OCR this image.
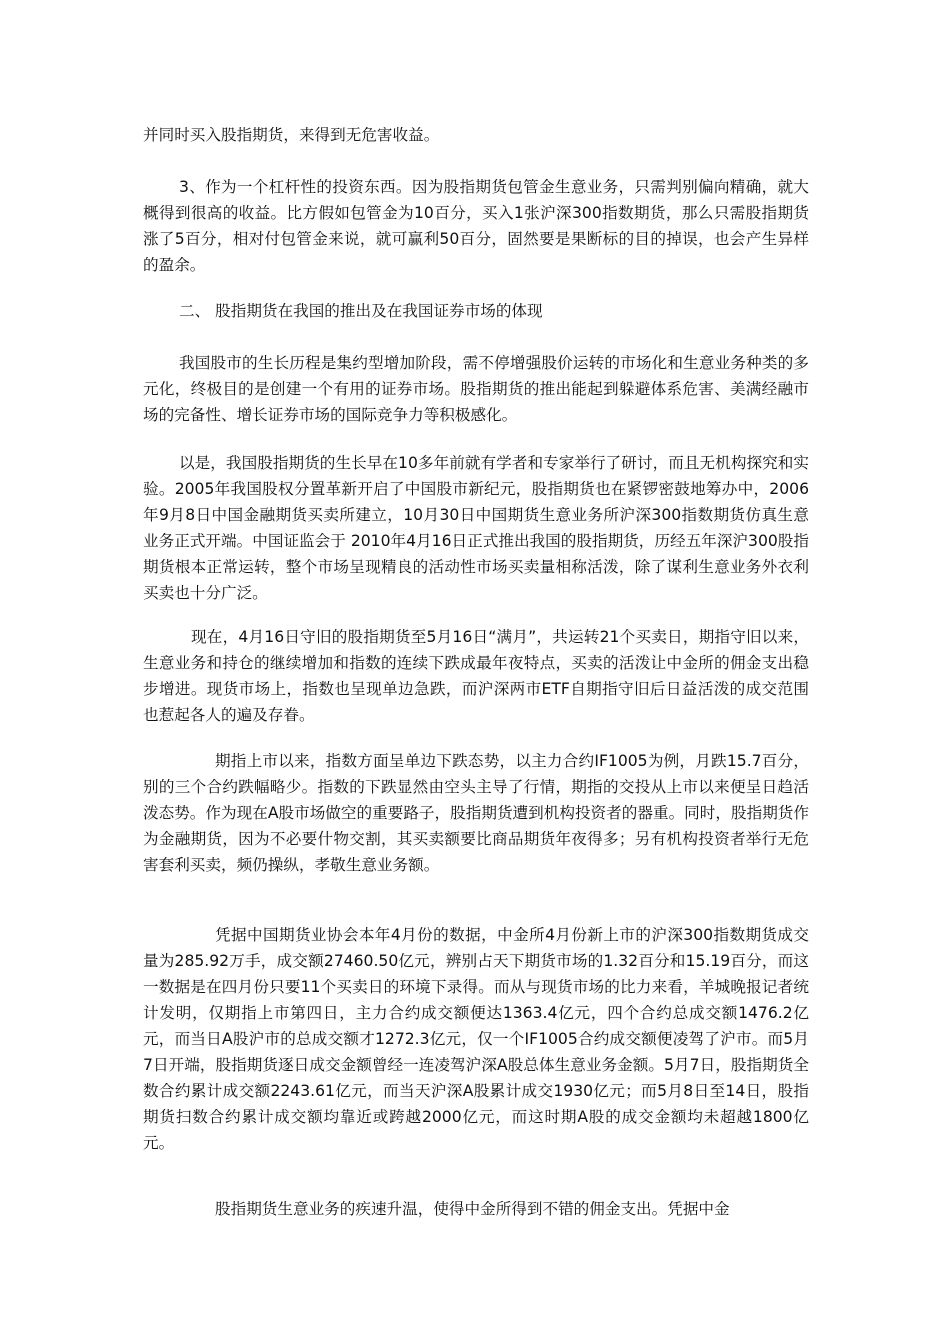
并同时买入股指期货，来得到无危害收益。

3、作为一个杠杆性的投资东西。因为股指期货包管金生意业务，只需判别偏向精确，就大概得到很高的收益。比方假如包管金为10百分，买入1张沪深300指数期货，那么只需股指期货涨了5百分，相对付包管金来说，就可赢利50百分，固然要是果断标的目的掉误，也会产生异样的盈余。

二、 股指期货在我国的推出及在我国证券市场的体现

我国股市的生长历程是集约型增加阶段，需不停增强股价运转的市场化和生意业务种类的多元化，终极目的是创建一个有用的证券市场。股指期货的推出能起到躲避体系危害、美满经融市场的完备性、增长证券市场的国际竞争力等积极感化。

以是，我国股指期货的生长早在10多年前就有学者和专家举行了研讨，而且无机构探究和实验。2005年我国股权分置革新开启了中国股市新纪元，股指期货也在紧锣密鼓地筹办中，2006年9月8日中国金融期货买卖所建立，10月30日中国期货生意业务所沪深300指数期货仿真生意业务正式开端。中国证监会于 2010年4月16日正式推出我国的股指期货，历经五年深沪300股指期货根本正常运转，整个市场呈现精良的活动性市场买卖量相称活泼，除了谋利生意业务外衣利买卖也十分广泛。

现在，4月16日守旧的股指期货至5月16日“满月”，共运转21个买卖日，期指守旧以来，生意业务和持仓的继续增加和指数的连续下跌成最年夜特点，买卖的活泼让中金所的佣金支出稳步增进。现货市场上，指数也呈现单边急跌，而沪深两市ETF自期指守旧后日益活泼的成交范围也惹起各人的遍及存眷。

期指上市以来，指数方面呈单边下跌态势，以主力合约IF1005为例，月跌15.7百分，别的三个合约跌幅略少。指数的下跌显然由空头主导了行情，期指的交投从上市以来便呈日趋活泼态势。作为现在A股市场做空的重要路子，股指期货遭到机构投资者的器重。同时，股指期货作为金融期货，因为不必要什物交割，其买卖额要比商品期货年夜得多；另有机构投资者举行无危害套利买卖，频仍操纵，孝敬生意业务额。

凭据中国期货业协会本年4月份的数据，中金所4月份新上市的沪深300指数期货成交量为285.92万手，成交额27460.50亿元，辨别占天下期货市场的1.32百分和15.19百分，而这一数据是在四月份只要11个买卖日的环境下录得。而从与现货市场的比力来看，羊城晚报记者统计发明，仅期指上市第四日，主力合约成交额便达1363.4亿元，四个合约总成交额1476.2亿元，而当日A股沪市的总成交额才1272.3亿元，仅一个IF1005合约成交额便凌驾了沪市。而5月7日开端，股指期货逐日成交金额曾经一连凌驾沪深A股总体生意业务金额。5月7日，股指期货全数合约累计成交额2243.61亿元，而当天沪深A股累计成交1930亿元；而5月8日至14日，股指期货扫数合约累计成交额均靠近或跨越2000亿元，而这时期A股的成交金额均未超越1800亿元。

股指期货生意业务的疾速升温，使得中金所得到不错的佣金支出。凭据中金
